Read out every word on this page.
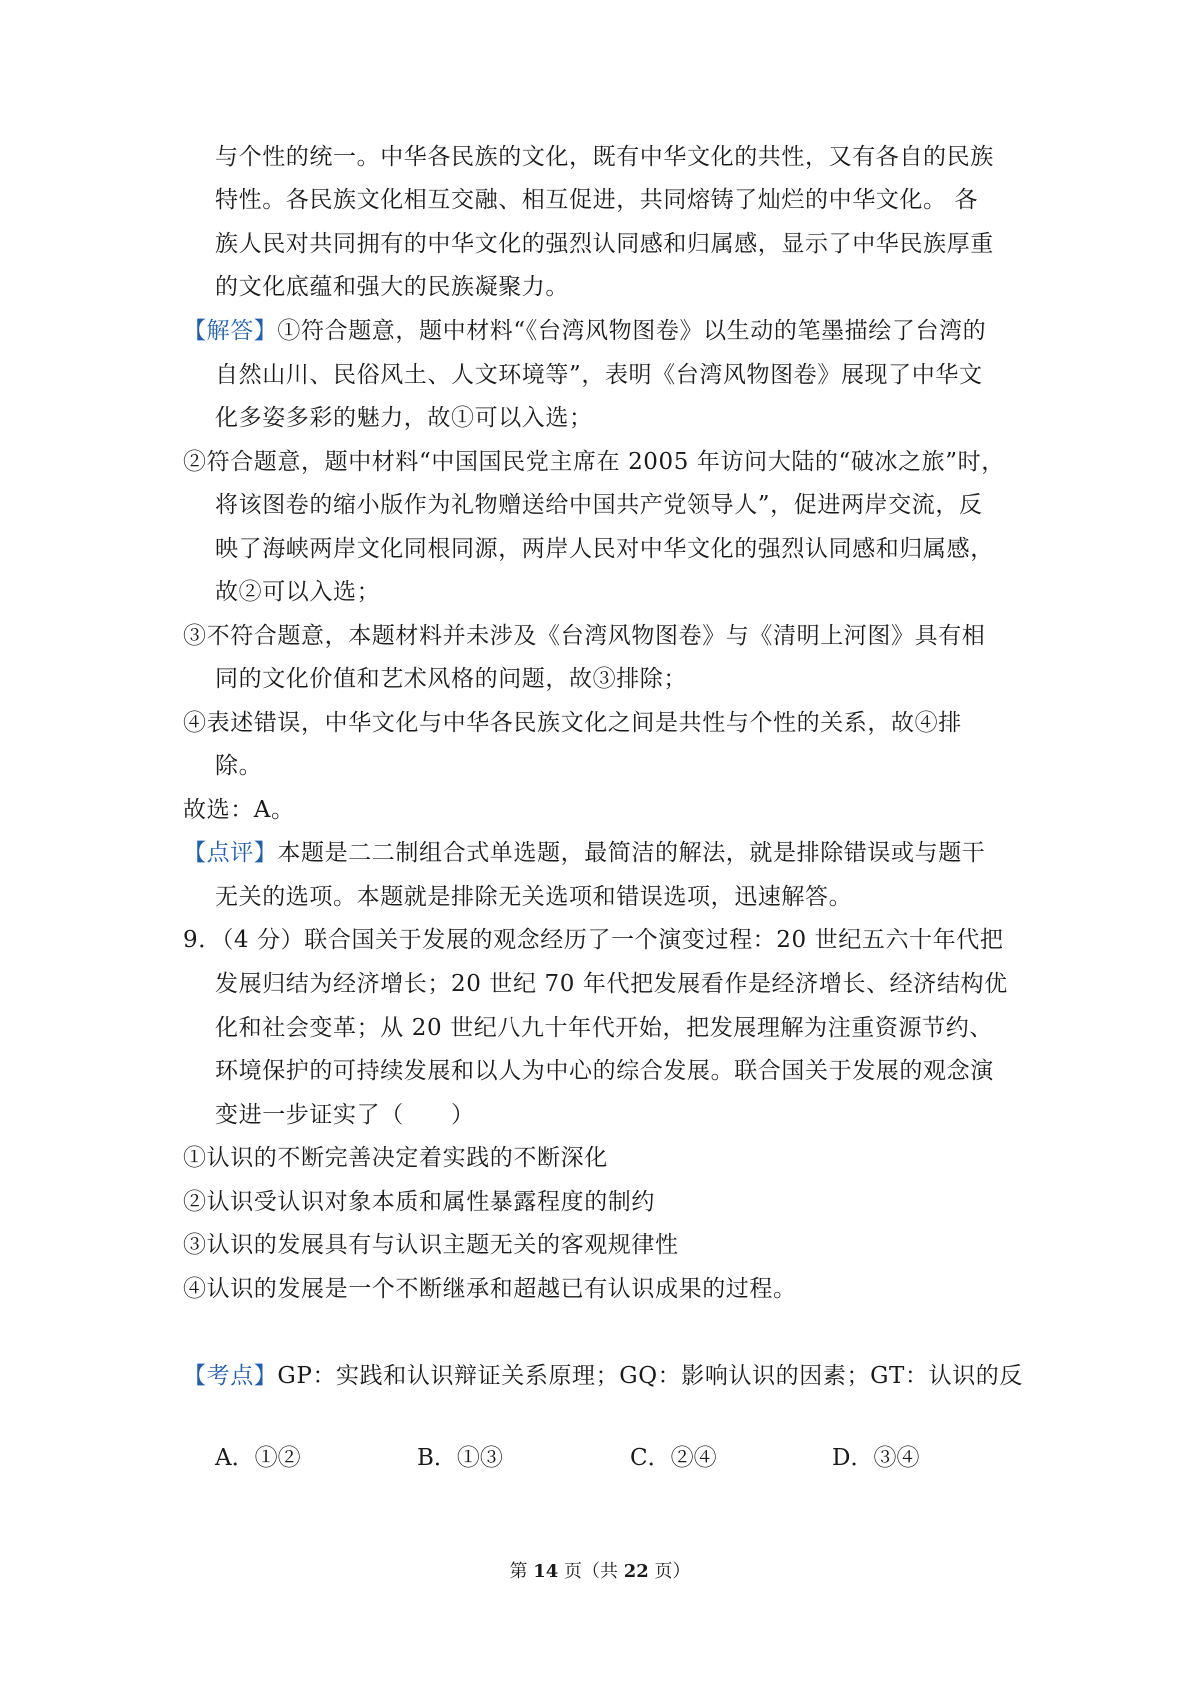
与个性的统一。中华各民族的文化，既有中华文化的共性，又有各自的民族
特性。各民族文化相互交融、相互促进，共同熔铸了灿烂的中华文化。 各
族人民对共同拥有的中华文化的强烈认同感和归属感，显示了中华民族厚重
的文化底蕴和强大的民族凝聚力。
【解答】①符合题意，题中材料“《台湾风物图卷》以生动的笔墨描绘了台湾的
自然山川、民俗风土、人文环境等”，表明《台湾风物图卷》展现了中华文
化多姿多彩的魅力，故①可以入选；
②符合题意，题中材料“中国国民党主席在 2005 年访问大陆的“破冰之旅”时，
将该图卷的缩小版作为礼物赠送给中国共产党领导人”，促进两岸交流，反
映了海峡两岸文化同根同源，两岸人民对中华文化的强烈认同感和归属感，
故②可以入选；
③不符合题意，本题材料并未涉及《台湾风物图卷》与《清明上河图》具有相
同的文化价值和艺术风格的问题，故③排除；
④表述错误，中华文化与中华各民族文化之间是共性与个性的关系，故④排
除。
故选：A。
【点评】本题是二二制组合式单选题，最简洁的解法，就是排除错误或与题干
无关的选项。本题就是排除无关选项和错误选项，迅速解答。
9．（4 分）联合国关于发展的观念经历了一个演变过程：20 世纪五六十年代把
发展归结为经济增长；20 世纪 70 年代把发展看作是经济增长、经济结构优
化和社会变革；从 20 世纪八九十年代开始，把发展理解为注重资源节约、
环境保护的可持续发展和以人为中心的综合发展。联合国关于发展的观念演
变进一步证实了（　　）
①认识的不断完善决定着实践的不断深化
②认识受认识对象本质和属性暴露程度的制约
③认识的发展具有与认识主题无关的客观规律性
④认识的发展是一个不断继承和超越已有认识成果的过程。
A．①②	B．①③	C．②④	D．③④
【考点】GP：实践和认识辩证关系原理；GQ：影响认识的因素；GT：认识的反
第 14 页（共 22 页）
